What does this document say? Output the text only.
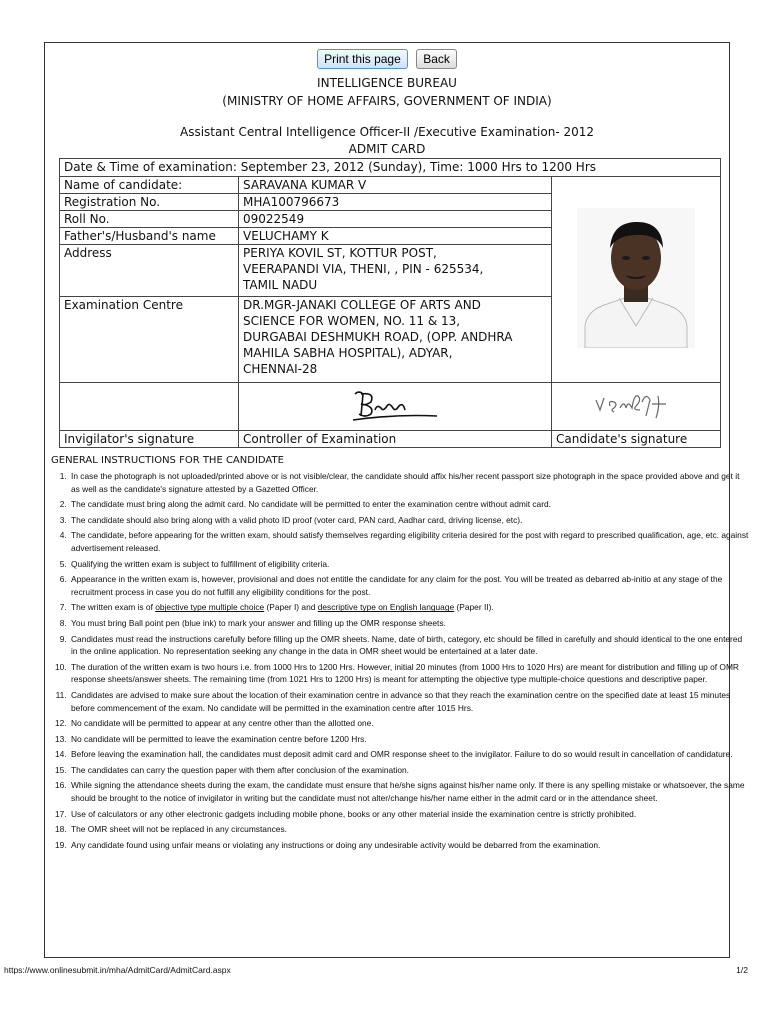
Print this page Back
INTELLIGENCE BUREAU
(MINISTRY OF HOME AFFAIRS, GOVERNMENT OF INDIA)
Assistant Central Intelligence Officer-II /Executive Examination- 2012
ADMIT CARD
Date & Time of examination: September 23, 2012 (Sunday), Time: 1000 Hrs to 1200 Hrs		
Name of candidate:	SARAVANA KUMAR V	
Registration No.	MHA100796673	
Roll No.	09022549	
Father's/Husband's name	VELUCHAMY K	
Address	PERIYA KOVIL ST, KOTTUR POST,
VEERAPANDI VIA, THENI, , PIN - 625534,
TAMIL NADU	

Examination Centre	DR.MGR-JANAKI COLLEGE OF ARTS AND
SCIENCE FOR WOMEN, NO. 11 & 13,
DURGABAI DESHMUKH ROAD, (OPP. ANDHRA
MAHILA SABHA HOSPITAL), ADYAR,
CHENNAI-28	

Invigilator's signature	Controller of Examination	Candidate's signature
GENERAL INSTRUCTIONS FOR THE CANDIDATE
1. In case the photograph is not uploaded/printed above or is not visible/clear, the candidate should affix his/her recent passport size photograph in the space provided above and get it as well as the candidate's signature attested by a Gazetted Officer.
2. The candidate must bring along the admit card. No candidate will be permitted to enter the examination centre without admit card.
3. The candidate should also bring along with a valid photo ID proof (voter card, PAN card, Aadhar card, driving license, etc).
4. The candidate, before appearing for the written exam, should satisfy themselves regarding eligibility criteria desired for the post with regard to prescribed qualification, age, etc. against advertisement released.
5. Qualifying the written exam is subject to fulfillment of eligibility criteria.
6. Appearance in the written exam is, however, provisional and does not entitle the candidate for any claim for the post. You will be treated as debarred ab-initio at any stage of the recruitment process in case you do not fulfill any eligibility conditions for the post.
7. The written exam is of objective type multiple choice (Paper I) and descriptive type on English language (Paper II).
8. You must bring Ball point pen (blue ink) to mark your answer and filling up the OMR response sheets.
9. Candidates must read the instructions carefully before filling up the OMR sheets. Name, date of birth, category, etc should be filled in carefully and should identical to the one entered in the online application. No representation seeking any change in the data in OMR sheet would be entertained at a later date.
10. The duration of the written exam is two hours i.e. from 1000 Hrs to 1200 Hrs. However, initial 20 minutes (from 1000 Hrs to 1020 Hrs) are meant for distribution and filling up of OMR response sheets/answer sheets. The remaining time (from 1021 Hrs to 1200 Hrs) is meant for attempting the objective type multiple-choice questions and descriptive paper.
11. Candidates are advised to make sure about the location of their examination centre in advance so that they reach the examination centre on the specified date at least 15 minutes before commencement of the exam. No candidate will be permitted in the examination centre after 1015 Hrs.
12. No candidate will be permitted to appear at any centre other than the allotted one.
13. No candidate will be permitted to leave the examination centre before 1200 Hrs.
14. Before leaving the examination hall, the candidates must deposit admit card and OMR response sheet to the invigilator. Failure to do so would result in cancellation of candidature.
15. The candidates can carry the question paper with them after conclusion of the examination.
16. While signing the attendance sheets during the exam, the candidate must ensure that he/she signs against his/her name only. If there is any spelling mistake or whatsoever, the same should be brought to the notice of invigilator in writing but the candidate must not alter/change his/her name either in the admit card or in the attendance sheet.
17. Use of calculators or any other electronic gadgets including mobile phone, books or any other material inside the examination centre is strictly prohibited.
18. The OMR sheet will not be replaced in any circumstances.
19. Any candidate found using unfair means or violating any instructions or doing any undesirable activity would be debarred from the examination.
https://www.onlinesubmit.in/mha/AdmitCard/AdmitCard.aspx	1/2
